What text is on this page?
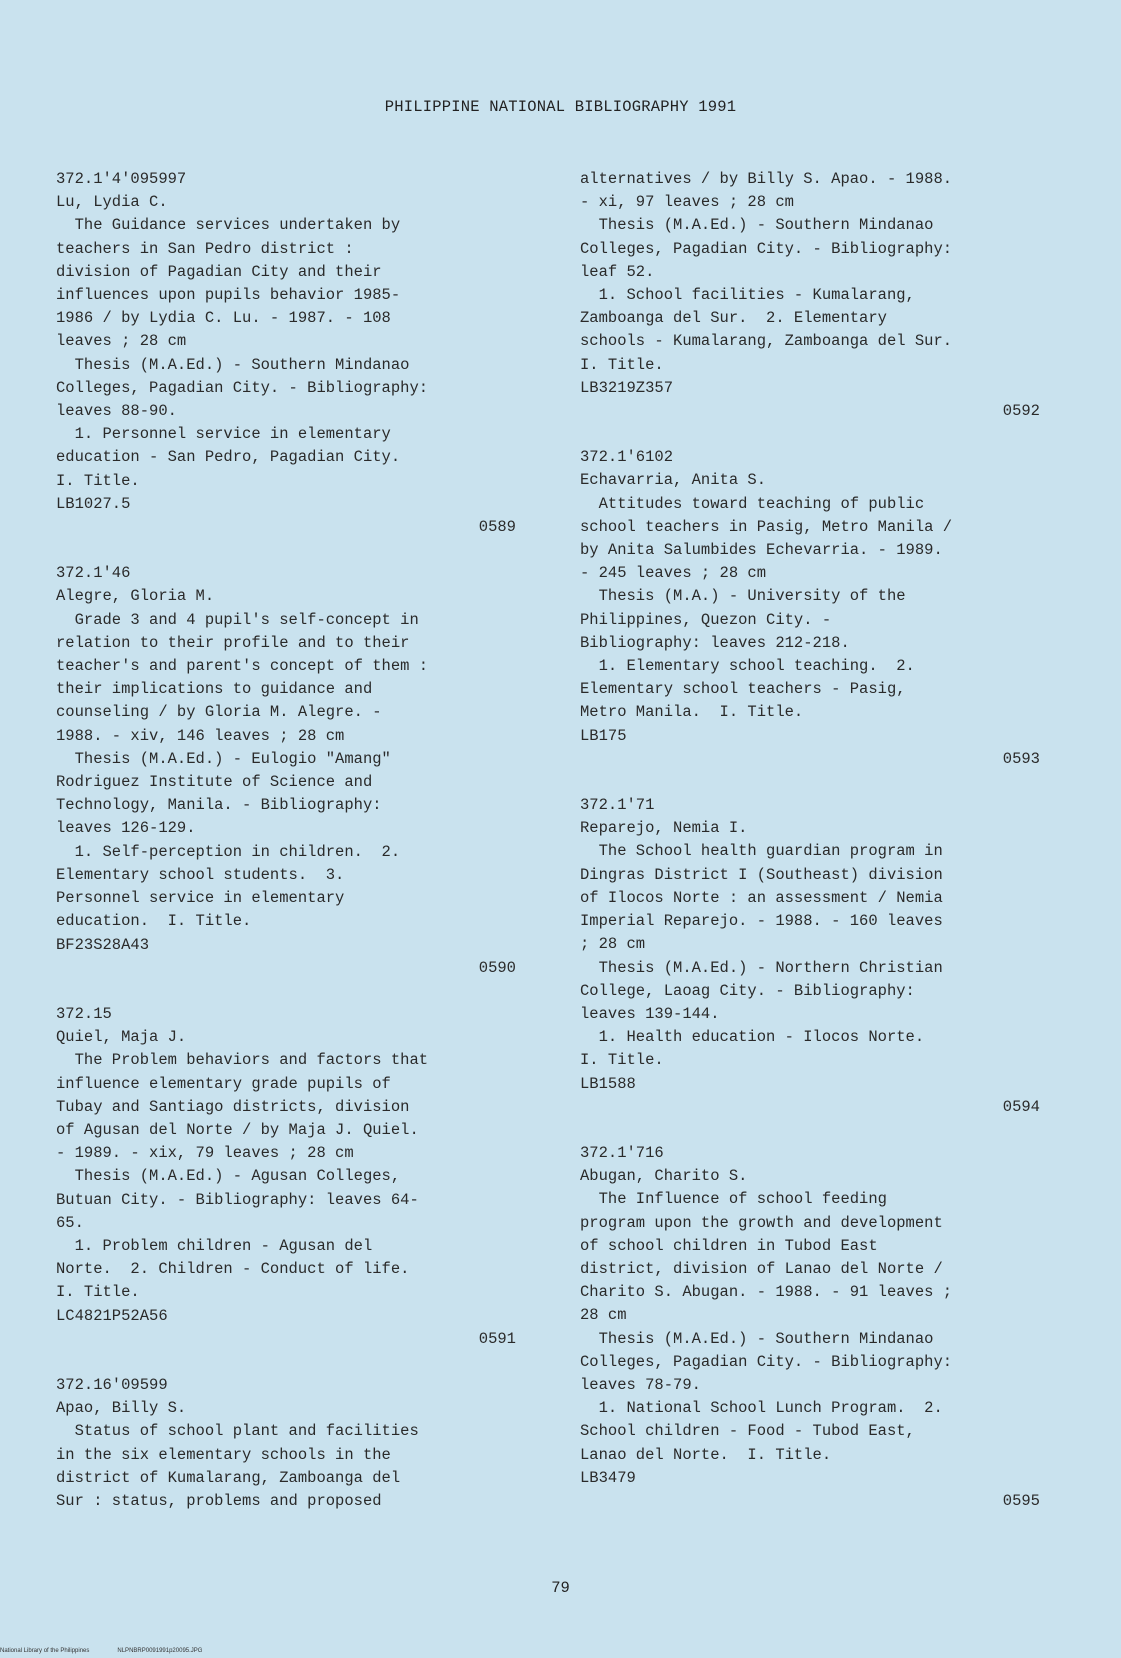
PHILIPPINE NATIONAL BIBLIOGRAPHY 1991
372.1'4'095997
Lu, Lydia C.
The Guidance services undertaken by
teachers in San Pedro district :
division of Pagadian City and their
influences upon pupils behavior 1985-
1986 / by Lydia C. Lu. - 1987. - 108
leaves ; 28 cm
Thesis (M.A.Ed.) - Southern Mindanao
Colleges, Pagadian City. - Bibliography:
leaves 88-90.
1. Personnel service in elementary
education - San Pedro, Pagadian City.
I. Title.
LB1027.5
0589
372.1'46
Alegre, Gloria M.
Grade 3 and 4 pupil's self-concept in
relation to their profile and to their
teacher's and parent's concept of them :
their implications to guidance and
counseling / by Gloria M. Alegre. -
1988. - xiv, 146 leaves ; 28 cm
Thesis (M.A.Ed.) - Eulogio "Amang"
Rodriguez Institute of Science and
Technology, Manila. - Bibliography:
leaves 126-129.
1. Self-perception in children.  2.
Elementary school students.  3.
Personnel service in elementary
education.  I. Title.
BF23S28A43
0590
372.15
Quiel, Maja J.
The Problem behaviors and factors that
influence elementary grade pupils of
Tubay and Santiago districts, division
of Agusan del Norte / by Maja J. Quiel.
- 1989. - xix, 79 leaves ; 28 cm
Thesis (M.A.Ed.) - Agusan Colleges,
Butuan City. - Bibliography: leaves 64-
65.
1. Problem children - Agusan del
Norte.  2. Children - Conduct of life.
I. Title.
LC4821P52A56
0591
372.16'09599
Apao, Billy S.
Status of school plant and facilities
in the six elementary schools in the
district of Kumalarang, Zamboanga del
Sur : status, problems and proposed
alternatives / by Billy S. Apao. - 1988.
- xi, 97 leaves ; 28 cm
Thesis (M.A.Ed.) - Southern Mindanao
Colleges, Pagadian City. - Bibliography:
leaf 52.
1. School facilities - Kumalarang,
Zamboanga del Sur.  2. Elementary
schools - Kumalarang, Zamboanga del Sur.
I. Title.
LB3219Z357
0592
372.1'6102
Echavarria, Anita S.
Attitudes toward teaching of public
school teachers in Pasig, Metro Manila /
by Anita Salumbides Echevarria. - 1989.
- 245 leaves ; 28 cm
Thesis (M.A.) - University of the
Philippines, Quezon City. -
Bibliography: leaves 212-218.
1. Elementary school teaching.  2.
Elementary school teachers - Pasig,
Metro Manila.  I. Title.
LB175
0593
372.1'71
Reparejo, Nemia I.
The School health guardian program in
Dingras District I (Southeast) division
of Ilocos Norte : an assessment / Nemia
Imperial Reparejo. - 1988. - 160 leaves
; 28 cm
Thesis (M.A.Ed.) - Northern Christian
College, Laoag City. - Bibliography:
leaves 139-144.
1. Health education - Ilocos Norte.
I. Title.
LB1588
0594
372.1'716
Abugan, Charito S.
The Influence of school feeding
program upon the growth and development
of school children in Tubod East
district, division of Lanao del Norte /
Charito S. Abugan. - 1988. - 91 leaves ;
28 cm
Thesis (M.A.Ed.) - Southern Mindanao
Colleges, Pagadian City. - Bibliography:
leaves 78-79.
1. National School Lunch Program.  2.
School children - Food - Tubod East,
Lanao del Norte.  I. Title.
LB3479
0595
79
National Library of the Philippines	NLPNBRP0091991p20095.JPG
